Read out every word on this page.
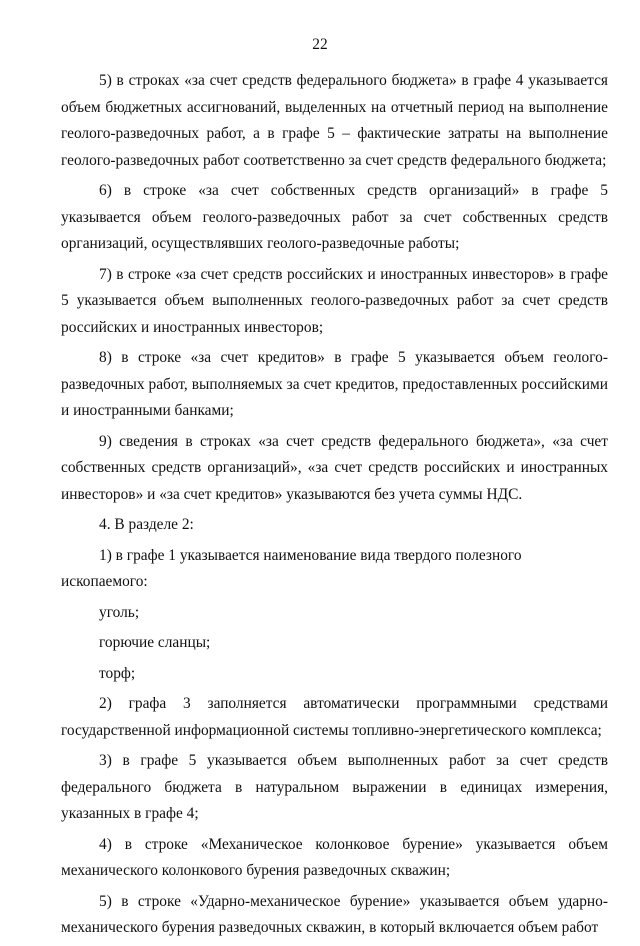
22

5) в строках «за счет средств федерального бюджета» в графе 4 указывается объем бюджетных ассигнований, выделенных на отчетный период на выполнение геолого-разведочных работ, а в графе 5 – фактические затраты на выполнение геолого-разведочных работ соответственно за счет средств федерального бюджета;

6) в строке «за счет собственных средств организаций» в графе 5 указывается объем геолого-разведочных работ за счет собственных средств организаций, осуществлявших геолого-разведочные работы;

7) в строке «за счет средств российских и иностранных инвесторов» в графе 5 указывается объем выполненных геолого-разведочных работ за счет средств российских и иностранных инвесторов;

8) в строке «за счет кредитов» в графе 5 указывается объем геолого-разведочных работ, выполняемых за счет кредитов, предоставленных российскими и иностранными банками;

9) сведения в строках «за счет средств федерального бюджета», «за счет собственных средств организаций», «за счет средств российских и иностранных инвесторов» и «за счет кредитов» указываются без учета суммы НДС.

4. В разделе 2:

1) в графе 1 указывается наименование вида твердого полезного ископаемого:

уголь;

горючие сланцы;

торф;

2) графа 3 заполняется автоматически программными средствами государственной информационной системы топливно-энергетического комплекса;

3) в графе 5 указывается объем выполненных работ за счет средств федерального бюджета в натуральном выражении в единицах измерения, указанных в графе 4;

4) в строке «Механическое колонковое бурение» указывается объем механического колонкового бурения разведочных скважин;

5) в строке «Ударно-механическое бурение» указывается объем ударно-механического бурения разведочных скважин, в который включается объем работ
